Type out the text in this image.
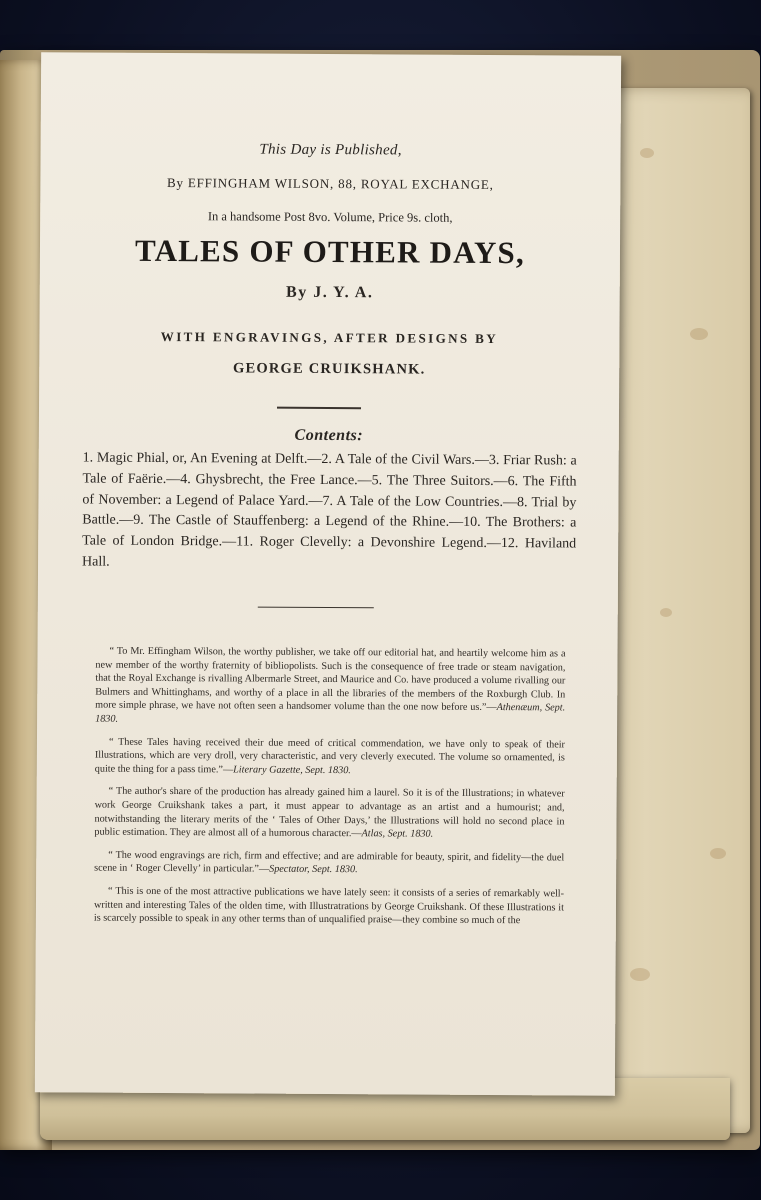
This Day is Published,
By EFFINGHAM WILSON, 88, ROYAL EXCHANGE,
In a handsome Post 8vo. Volume, Price 9s. cloth,
TALES OF OTHER DAYS,
By J. Y. A.
WITH ENGRAVINGS, AFTER DESIGNS BY
GEORGE CRUIKSHANK.
Contents:
1. Magic Phial, or, An Evening at Delft.—2. A Tale of the Civil Wars.—3. Friar Rush: a Tale of Faërie.—4. Ghysbrecht, the Free Lance.—5. The Three Suitors.—6. The Fifth of November: a Legend of Palace Yard.—7. A Tale of the Low Countries.—8. Trial by Battle.—9. The Castle of Stauffenberg: a Legend of the Rhine.—10. The Brothers: a Tale of London Bridge.—11. Roger Clevelly: a Devonshire Legend.—12. Haviland Hall.

“ To Mr. Effingham Wilson, the worthy publisher, we take off our editorial hat, and heartily welcome him as a new member of the worthy fraternity of bibliopolists. Such is the consequence of free trade or steam navigation, that the Royal Exchange is rivalling Albermarle Street, and Maurice and Co. have produced a volume rivalling our Bulmers and Whittinghams, and worthy of a place in all the libraries of the members of the Roxburgh Club. In more simple phrase, we have not often seen a handsomer volume than the one now before us.”—Athenæum, Sept. 1830.

“ These Tales having received their due meed of critical commendation, we have only to speak of their Illustrations, which are very droll, very characteristic, and very cleverly executed. The volume so ornamented, is quite the thing for a pass time.”—Literary Gazette, Sept. 1830.

“ The author's share of the production has already gained him a laurel. So it is of the Illustrations; in whatever work George Cruikshank takes a part, it must appear to advantage as an artist and a humourist; and, notwithstanding the literary merits of the ‘ Tales of Other Days,’ the Illustrations will hold no second place in public estimation. They are almost all of a humorous character.—Atlas, Sept. 1830.

“ The wood engravings are rich, firm and effective; and are admirable for beauty, spirit, and fidelity—the duel scene in ‘ Roger Clevelly’ in particular.”—Spectator, Sept. 1830.

“ This is one of the most attractive publications we have lately seen: it consists of a series of remarkably well-written and interesting Tales of the olden time, with Illustratrations by George Cruikshank. Of these Illustrations it is scarcely possible to speak in any other terms than of unqualified praise—they combine so much of the
